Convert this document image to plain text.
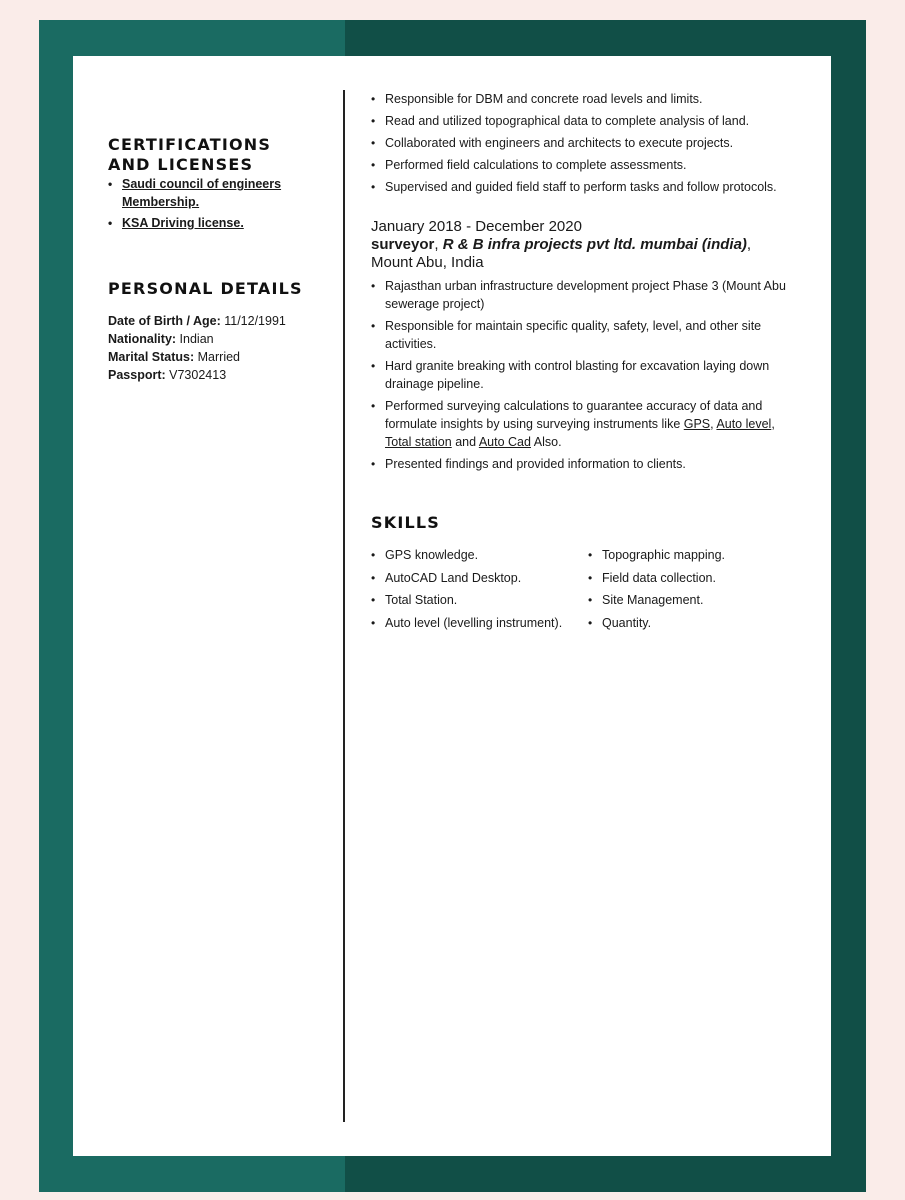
CERTIFICATIONS
AND LICENSES
• Saudi council of engineers
Membership.
• KSA Driving license.
PERSONAL DETAILS
Date of Birth / Age: 11/12/1991
Nationality: Indian
Marital Status: Married
Passport: V7302413
• Responsible for DBM and concrete road levels and limits.
• Read and utilized topographical data to complete analysis of land.
• Collaborated with engineers and architects to execute projects.
• Performed field calculations to complete assessments.
• Supervised and guided field staff to perform tasks and follow protocols.
January 2018 - December 2020
surveyor, R & B infra projects pvt ltd. mumbai (india),
Mount Abu, India
• Rajasthan urban infrastructure development project Phase 3 (Mount Abu sewerage project)
• Responsible for maintain specific quality, safety, level, and other site activities.
• Hard granite breaking with control blasting for excavation laying down drainage pipeline.
• Performed surveying calculations to guarantee accuracy of data and formulate insights by using surveying instruments like GPS, Auto level, Total station and Auto Cad Also.
• Presented findings and provided information to clients.
SKILLS
• GPS knowledge.
• AutoCAD Land Desktop.
• Total Station.
• Auto level (levelling instrument).
• Topographic mapping.
• Field data collection.
• Site Management.
• Quantity.
